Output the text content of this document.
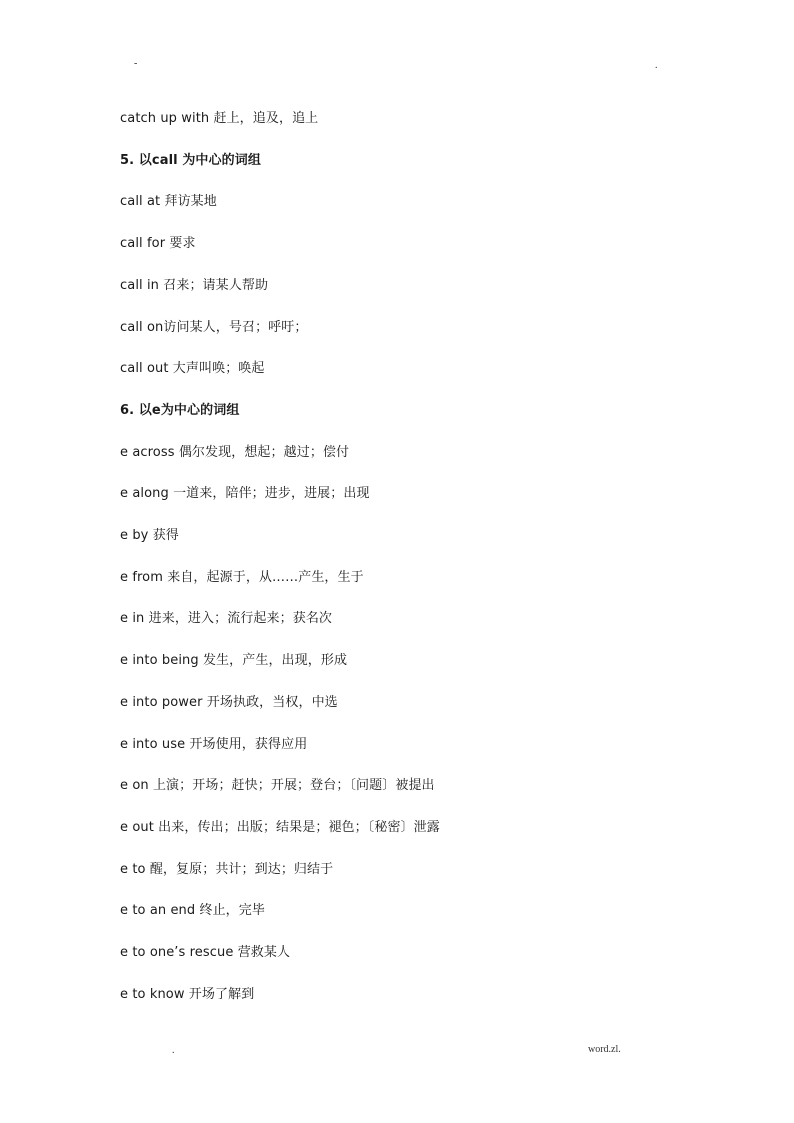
-	.
catch up with 赶上，追及，追上
5. 以call 为中心的词组
call at 拜访某地
call for 要求
call in 召来；请某人帮助
call on访问某人，号召；呼吁；
call out 大声叫唤；唤起
6. 以e为中心的词组
e across 偶尔发现，想起；越过；偿付
e along 一道来，陪伴；进步，进展；出现
e by 获得
e from 来自，起源于，从……产生，生于
e in 进来，进入；流行起来；获名次
e into being 发生，产生，出现，形成
e into power 开场执政，当权，中选
e into use 开场使用，获得应用
e on 上演；开场；赶快；开展；登台；〔问题〕被提出
e out 出来，传出；出版；结果是；褪色；〔秘密〕泄露
e to 醒，复原；共计；到达；归结于
e to an end 终止，完毕
e to one’s rescue 营救某人
e to know 开场了解到
.	word.zl.
